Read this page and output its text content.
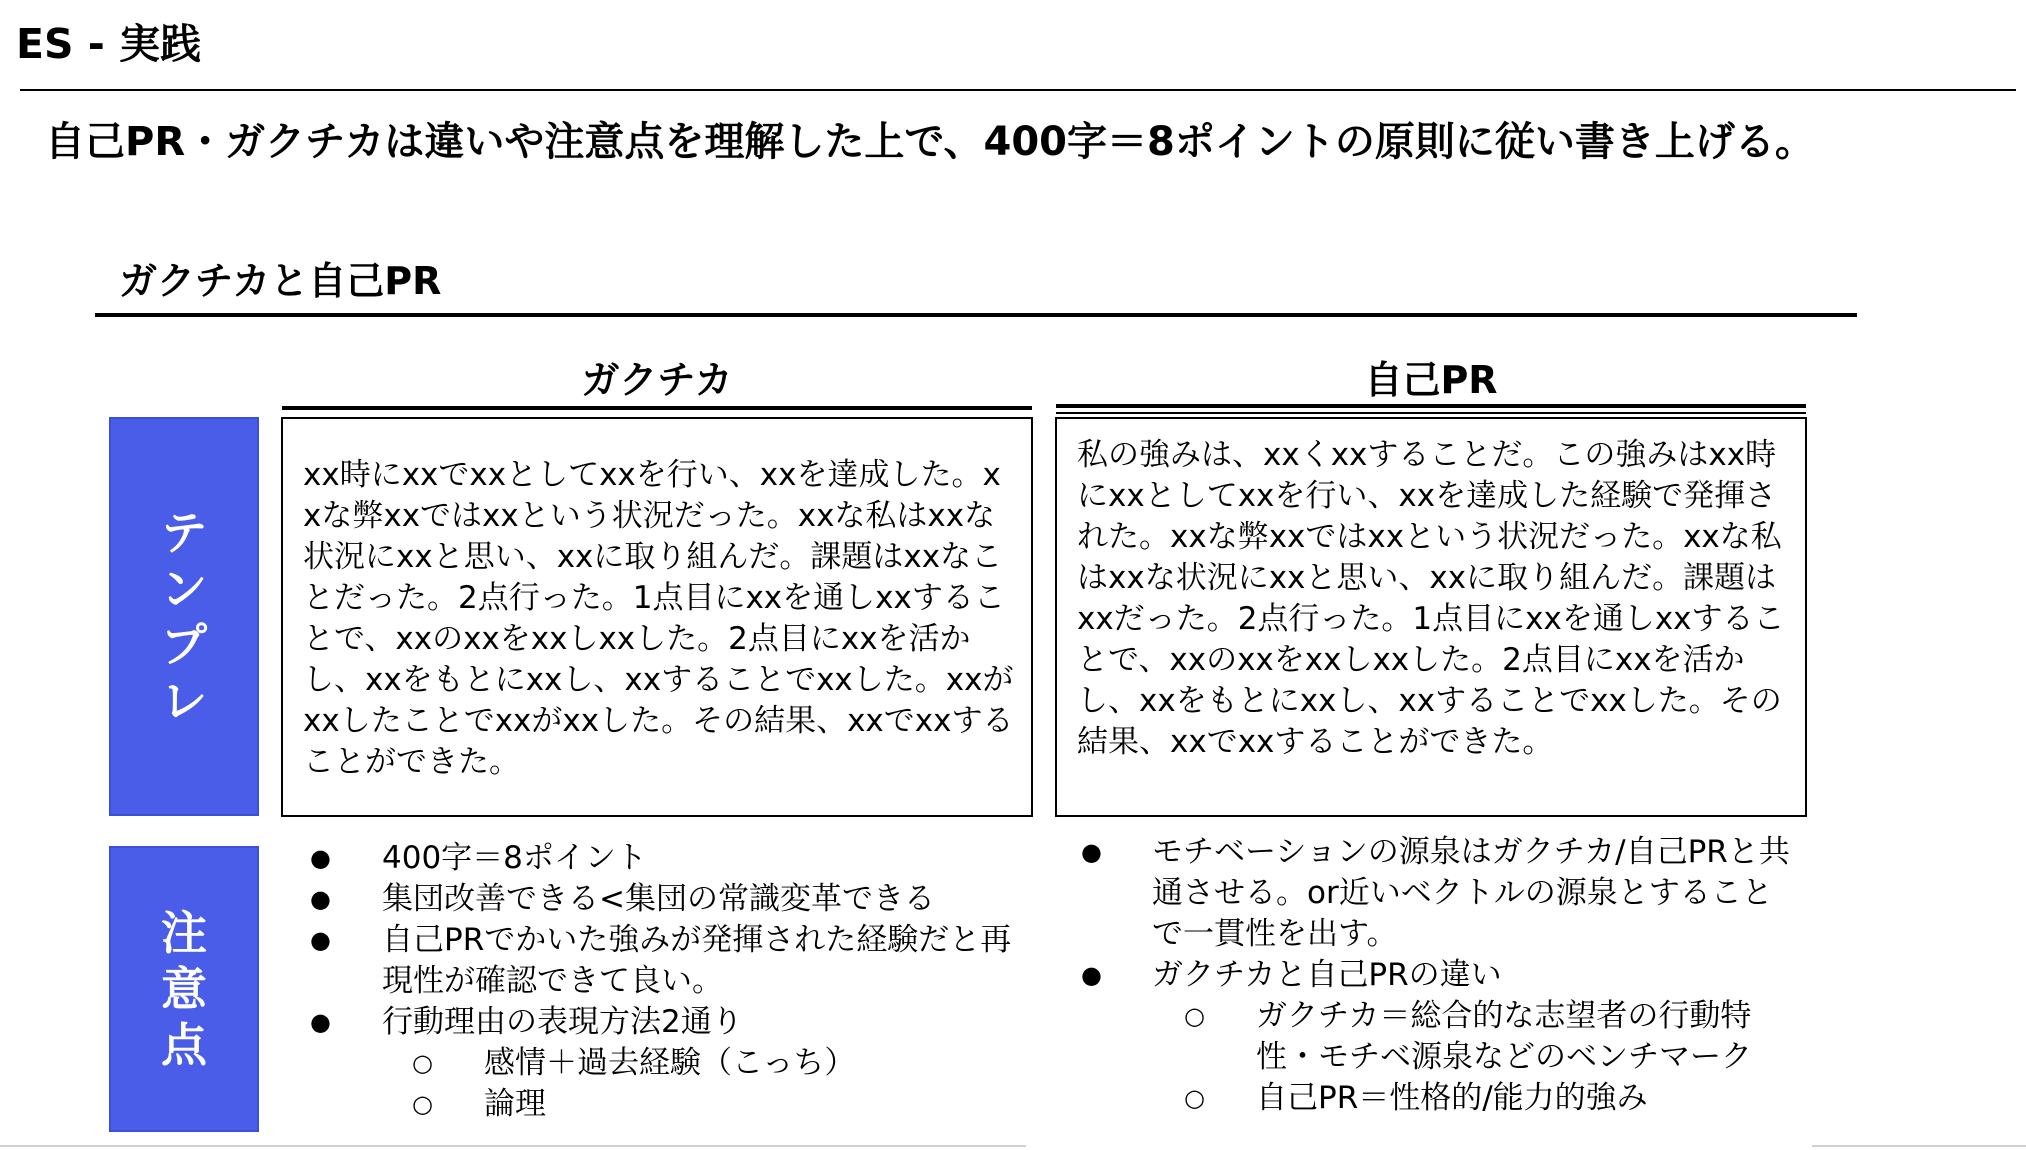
ES - 実践
自己PR・ガクチカは違いや注意点を理解した上で、400字＝8ポイントの原則に従い書き上げる。
ガクチカと自己PR
ガクチカ	自己PR
テンプレ
xx時にxxでxxとしてxxを行い、xxを達成した。xxな弊xxではxxという状況だった。xxな私はxxな状況にxxと思い、xxに取り組んだ。課題はxxなことだった。2点行った。1点目にxxを通しxxすることで、xxのxxをxxしxxした。2点目にxxを活かし、xxをもとにxxし、xxすることでxxした。xxがxxしたことでxxがxxした。その結果、xxでxxすることができた。
私の強みは、xxくxxすることだ。この強みはxx時にxxとしてxxを行い、xxを達成した経験で発揮された。xxな弊xxではxxという状況だった。xxな私はxxな状況にxxと思い、xxに取り組んだ。課題はxxだった。2点行った。1点目にxxを通しxxすることで、xxのxxをxxしxxした。2点目にxxを活かし、xxをもとにxxし、xxすることでxxした。その結果、xxでxxすることができた。
注意点
● 400字＝8ポイント
● 集団改善できる<集団の常識変革できる
● 自己PRでかいた強みが発揮された経験だと再現性が確認できて良い。
● 行動理由の表現方法2通り
○ 感情＋過去経験（こっち）
○ 論理
● モチベーションの源泉はガクチカ/自己PRと共通させる。or近いベクトルの源泉とすることで一貫性を出す。
● ガクチカと自己PRの違い
○ ガクチカ＝総合的な志望者の行動特性・モチベ源泉などのベンチマーク
○ 自己PR＝性格的/能力的強み
